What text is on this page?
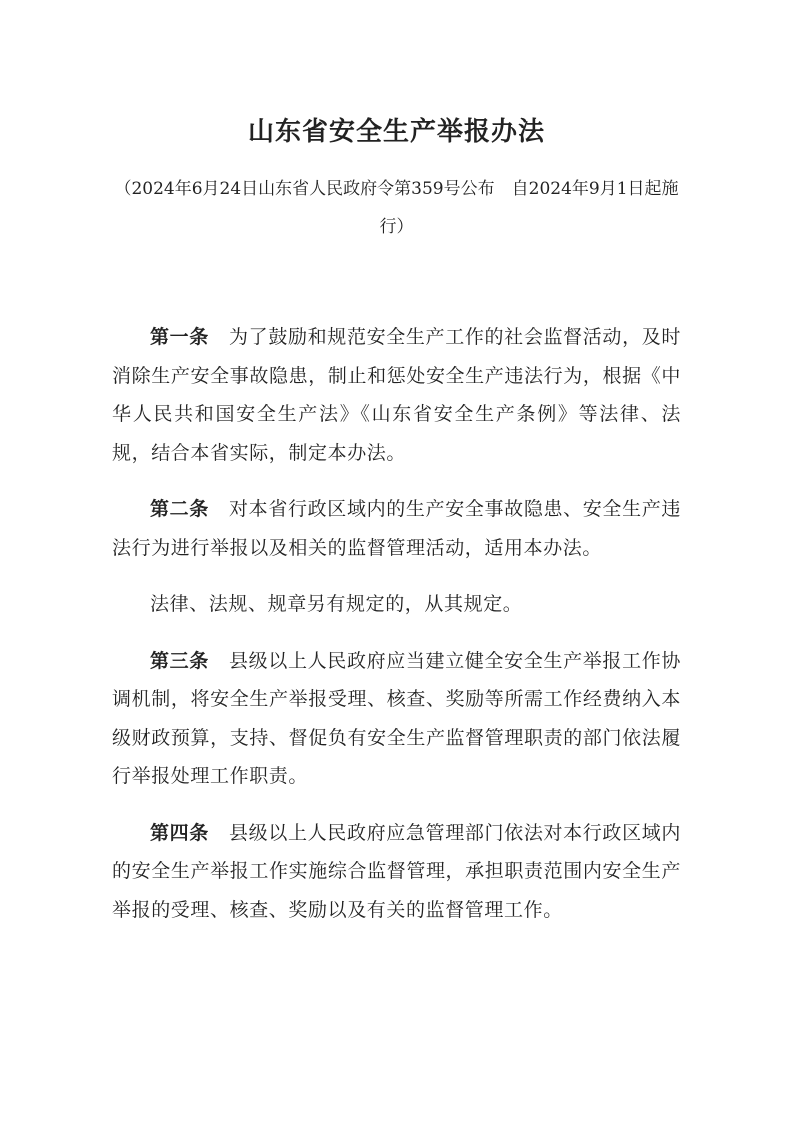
山东省安全生产举报办法
（2024年6月24日山东省人民政府令第359号公布　自2024年9月1日起施行）

第一条 为了鼓励和规范安全生产工作的社会监督活动，及时消除生产安全事故隐患，制止和惩处安全生产违法行为，根据《中华人民共和国安全生产法》《山东省安全生产条例》等法律、法规，结合本省实际，制定本办法。

第二条 对本省行政区域内的生产安全事故隐患、安全生产违法行为进行举报以及相关的监督管理活动，适用本办法。

法律、法规、规章另有规定的，从其规定。

第三条 县级以上人民政府应当建立健全安全生产举报工作协调机制，将安全生产举报受理、核查、奖励等所需工作经费纳入本级财政预算，支持、督促负有安全生产监督管理职责的部门依法履行举报处理工作职责。

第四条 县级以上人民政府应急管理部门依法对本行政区域内的安全生产举报工作实施综合监督管理，承担职责范围内安全生产举报的受理、核查、奖励以及有关的监督管理工作。
